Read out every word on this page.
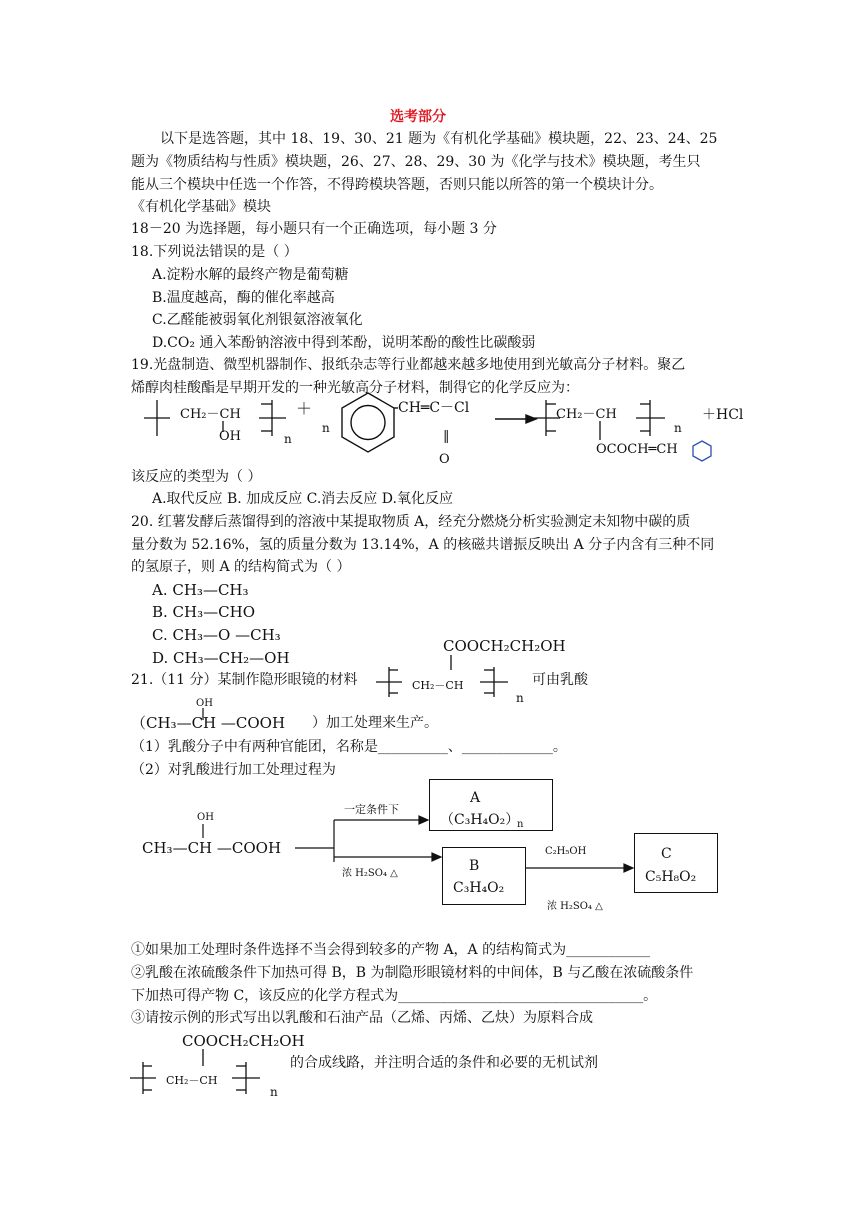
选考部分
以下是选答题，其中 18、19、30、21 题为《有机化学基础》模块题，22、23、24、25
题为《物质结构与性质》模块题，26、27、28、29、30 为《化学与技术》模块题，考生只
能从三个模块中任选一个作答，不得跨模块答题，否则只能以所答的第一个模块计分。
《有机化学基础》模块
18－20 为选择题，每小题只有一个正确选项，每小题 3 分
18.下列说法错误的是（ ）
A.淀粉水解的最终产物是葡萄糖
B.温度越高，酶的催化率越高
C.乙醛能被弱氧化剂银氨溶液氧化
D.CO₂ 通入苯酚钠溶液中得到苯酚，说明苯酚的酸性比碳酸弱
19.光盘制造、微型机器制作、报纸杂志等行业都越来越多地使用到光敏高分子材料。聚乙
烯醇肉桂酸酯是早期开发的一种光敏高分子材料，制得它的化学反应为：
CH₂－CH
OH	n
＋
n
CH═C－Cl
‖
O
CH₂－CH
n
＋HCl
OCOCH═CH
该反应的类型为（ ）
A.取代反应 B. 加成反应 C.消去反应 D.氧化反应
20. 红薯发酵后蒸馏得到的溶液中某提取物质 A，经充分燃烧分析实验测定未知物中碳的质
量分数为 52.16%，氢的质量分数为 13.14%，A 的核磁共谱振反映出 A 分子内含有三种不同
的氢原子，则 A 的结构简式为（ ）
A. CH₃—CH₃
B. CH₃—CHO
C. CH₃—O —CH₃
D. CH₃—CH₂—OH
COOCH₂CH₂OH
21.（11 分）某制作隐形眼镜的材料	CH₂－CH
n
可由乳酸
OH
（CH₃—CH —COOH ）加工处理来生产。
（1）乳酸分子中有两种官能团，名称是__________、_____________。
（2）对乳酸进行加工处理过程为
OH
CH₃—CH —COOH
一定条件下
浓 H₂SO₄ △
A
（C₃H₄O₂）
n
B
C₃H₄O₂
C₂H₅OH
浓 H₂SO₄ △
C
C₅H₈O₂
①如果加工处理时条件选择不当会得到较多的产物 A，A 的结构简式为____________
②乳酸在浓硫酸条件下加热可得 B，B 为制隐形眼镜材料的中间体，B 与乙酸在浓硫酸条件
下加热可得产物 C，该反应的化学方程式为___________________________________。
③请按示例的形式写出以乳酸和石油产品（乙烯、丙烯、乙炔）为原料合成
COOCH₂CH₂OH
CH₂－CH
n
的合成线路，并注明合适的条件和必要的无机试剂
